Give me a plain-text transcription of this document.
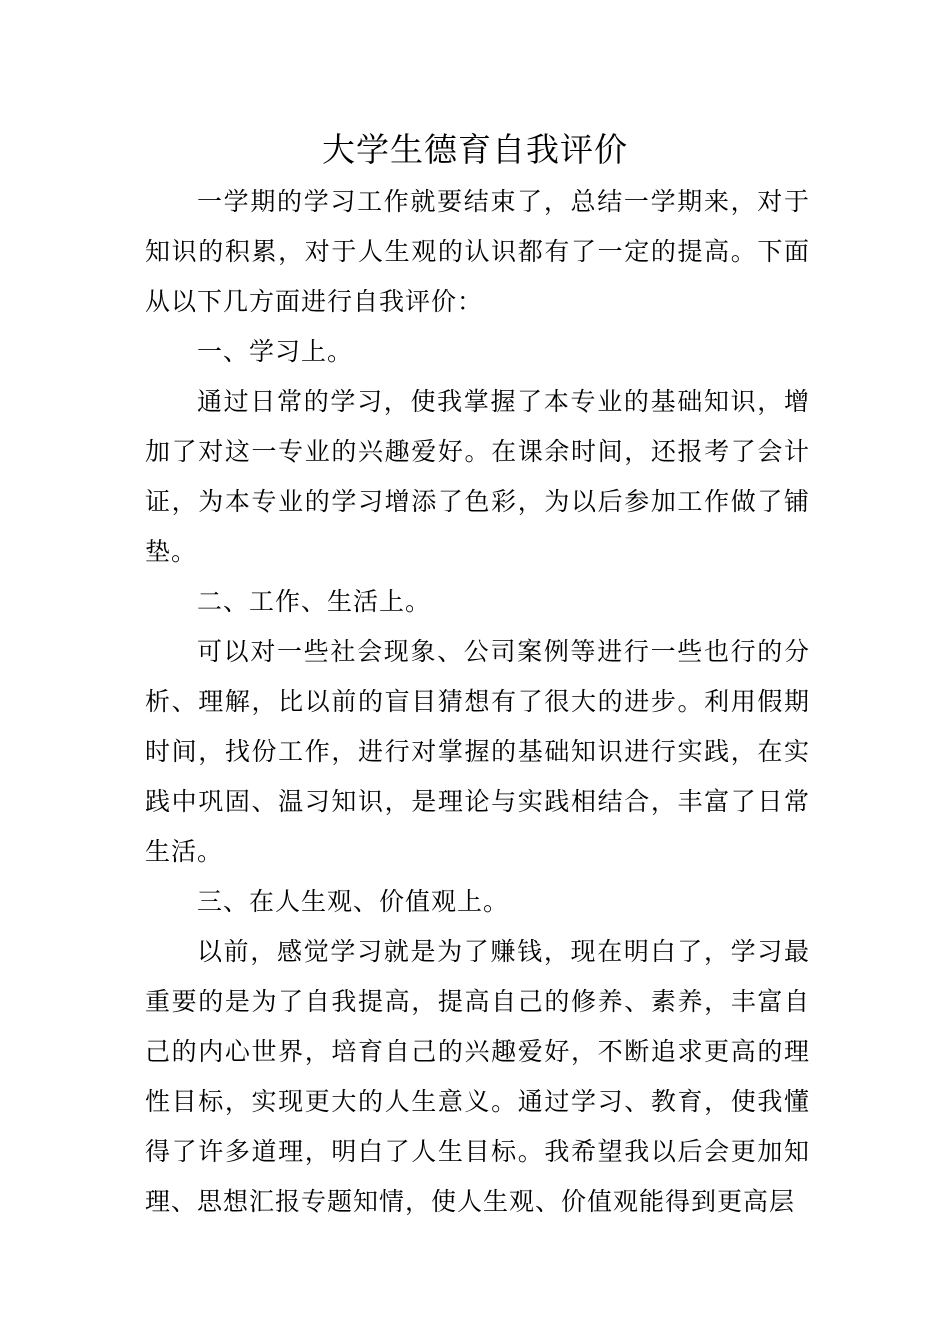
大学生德育自我评价

一学期的学习工作就要结束了，总结一学期来，对于知识的积累，对于人生观的认识都有了一定的提高。下面从以下几方面进行自我评价：

一、学习上。

通过日常的学习，使我掌握了本专业的基础知识，增加了对这一专业的兴趣爱好。在课余时间，还报考了会计证，为本专业的学习增添了色彩，为以后参加工作做了铺垫。

二、工作、生活上。

可以对一些社会现象、公司案例等进行一些也行的分析、理解，比以前的盲目猜想有了很大的进步。利用假期时间，找份工作，进行对掌握的基础知识进行实践，在实践中巩固、温习知识，是理论与实践相结合，丰富了日常生活。

三、在人生观、价值观上。

以前，感觉学习就是为了赚钱，现在明白了，学习最重要的是为了自我提高，提高自己的修养、素养，丰富自己的内心世界，培育自己的兴趣爱好，不断追求更高的理性目标，实现更大的人生意义。通过学习、教育，使我懂得了许多道理，明白了人生目标。我希望我以后会更加知理、思想汇报专题知情，使人生观、价值观能得到更高层
